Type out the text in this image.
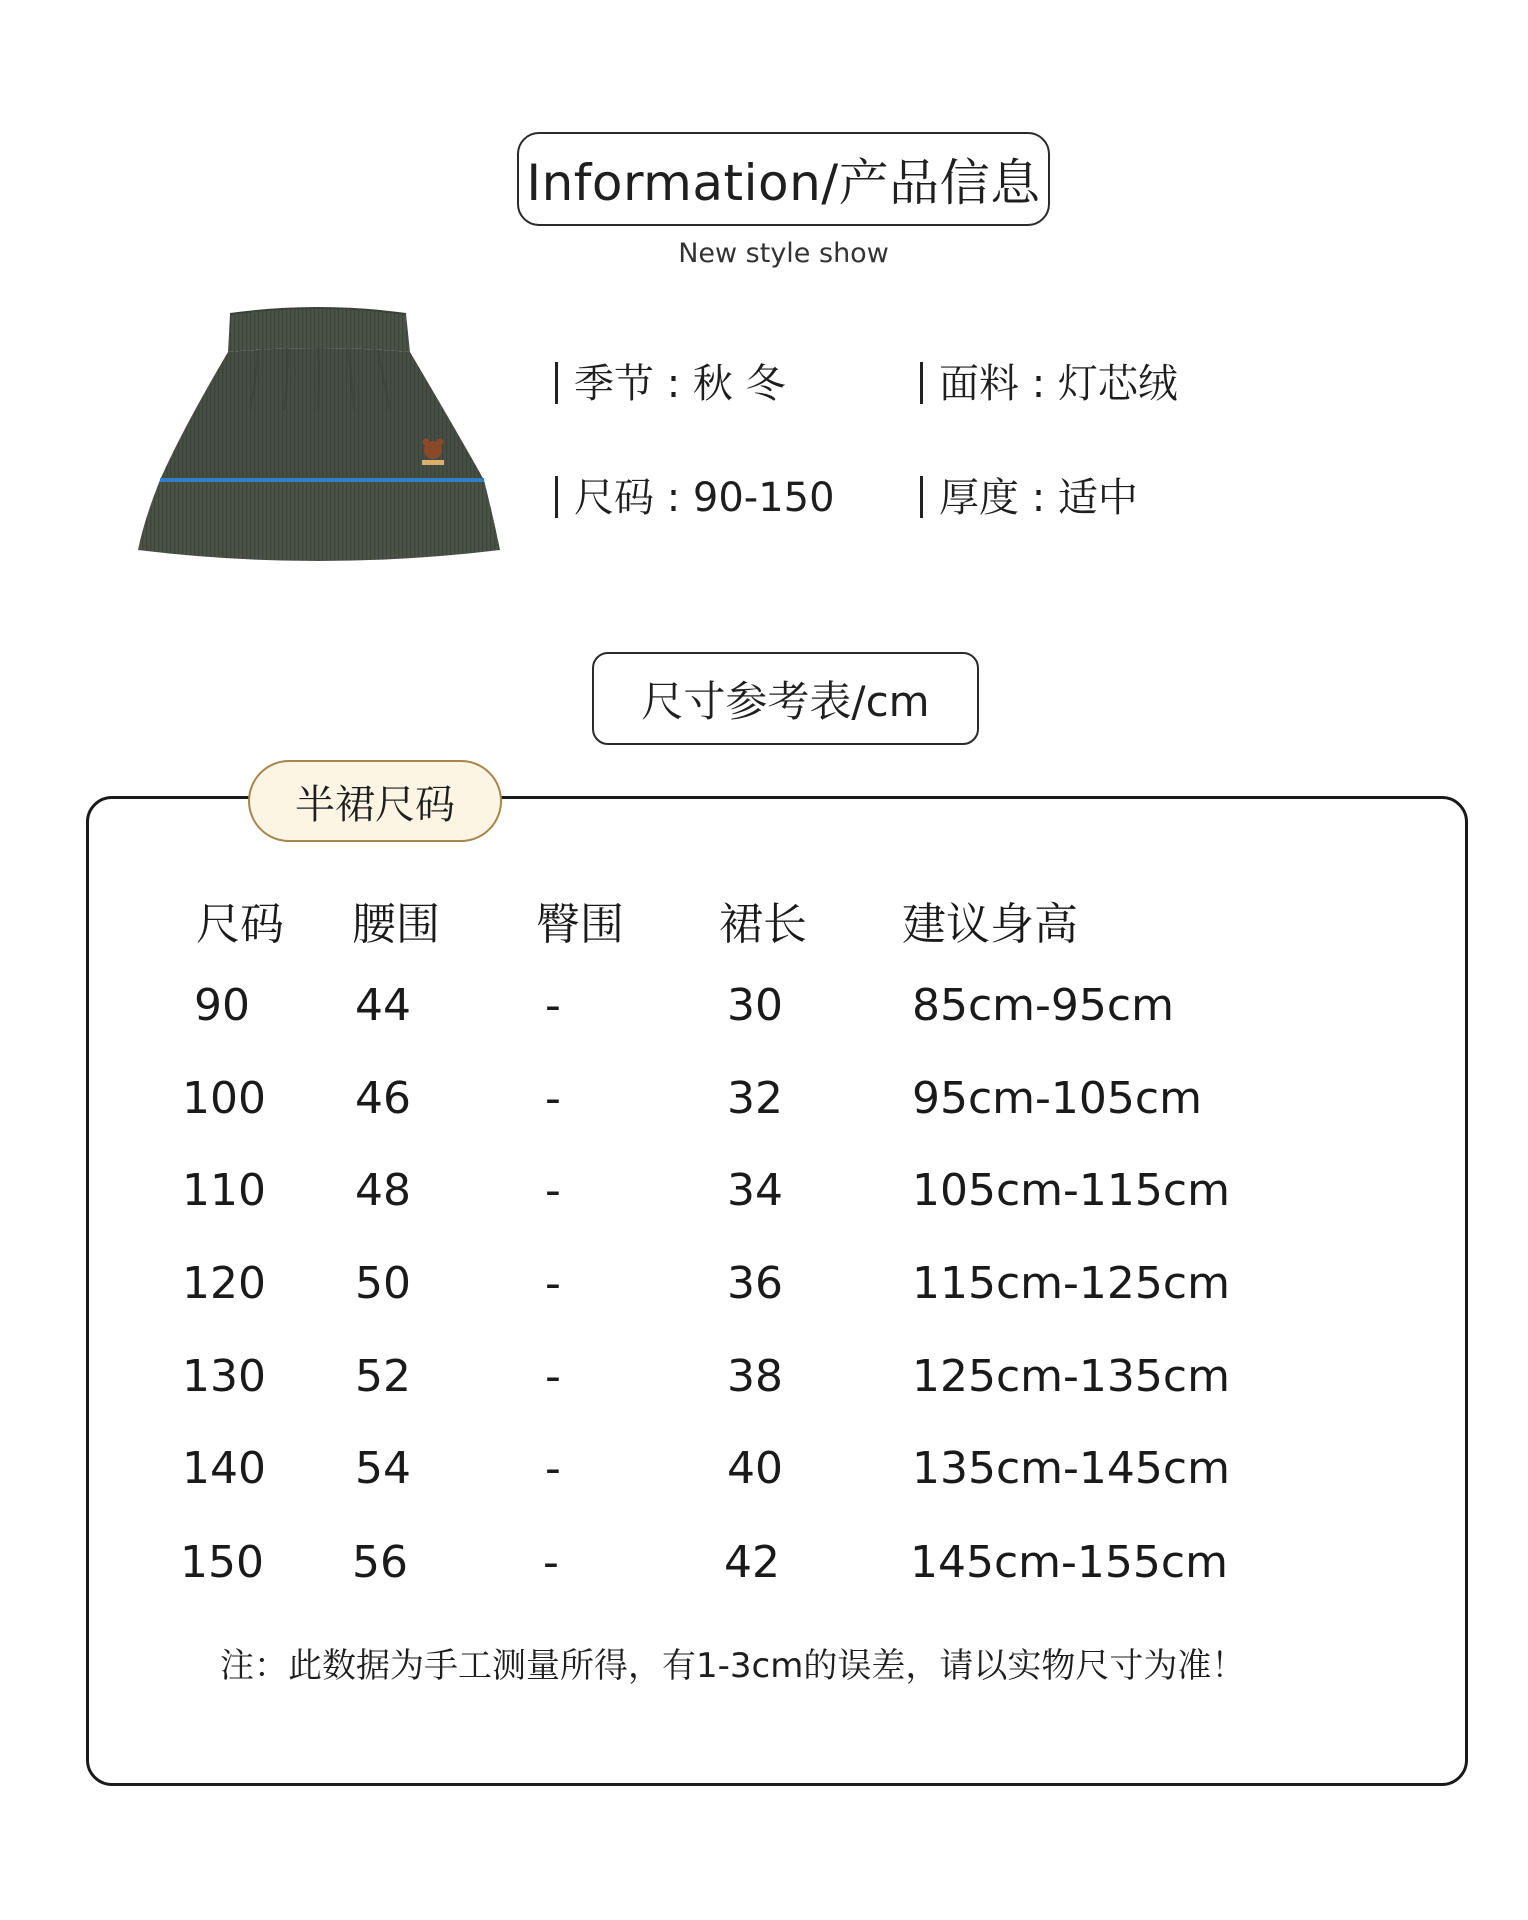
Information/产品信息
New style show
季节 : 秋 冬	面料 : 灯芯绒
尺码 : 90-150	厚度 : 适中
尺寸参考表/cm
半裙尺码
尺码 腰围 臀围 裙长 建议身高
90 44	-	30	85cm-95cm
100 46	-	32	95cm-105cm
110 48	-	34	105cm-115cm
120 50	-	36	115cm-125cm
130 52	-	38	125cm-135cm
140 54	-	40	135cm-145cm
150 56	-	42	145cm-155cm
注：此数据为手工测量所得，有1-3cm的误差，请以实物尺寸为准！
